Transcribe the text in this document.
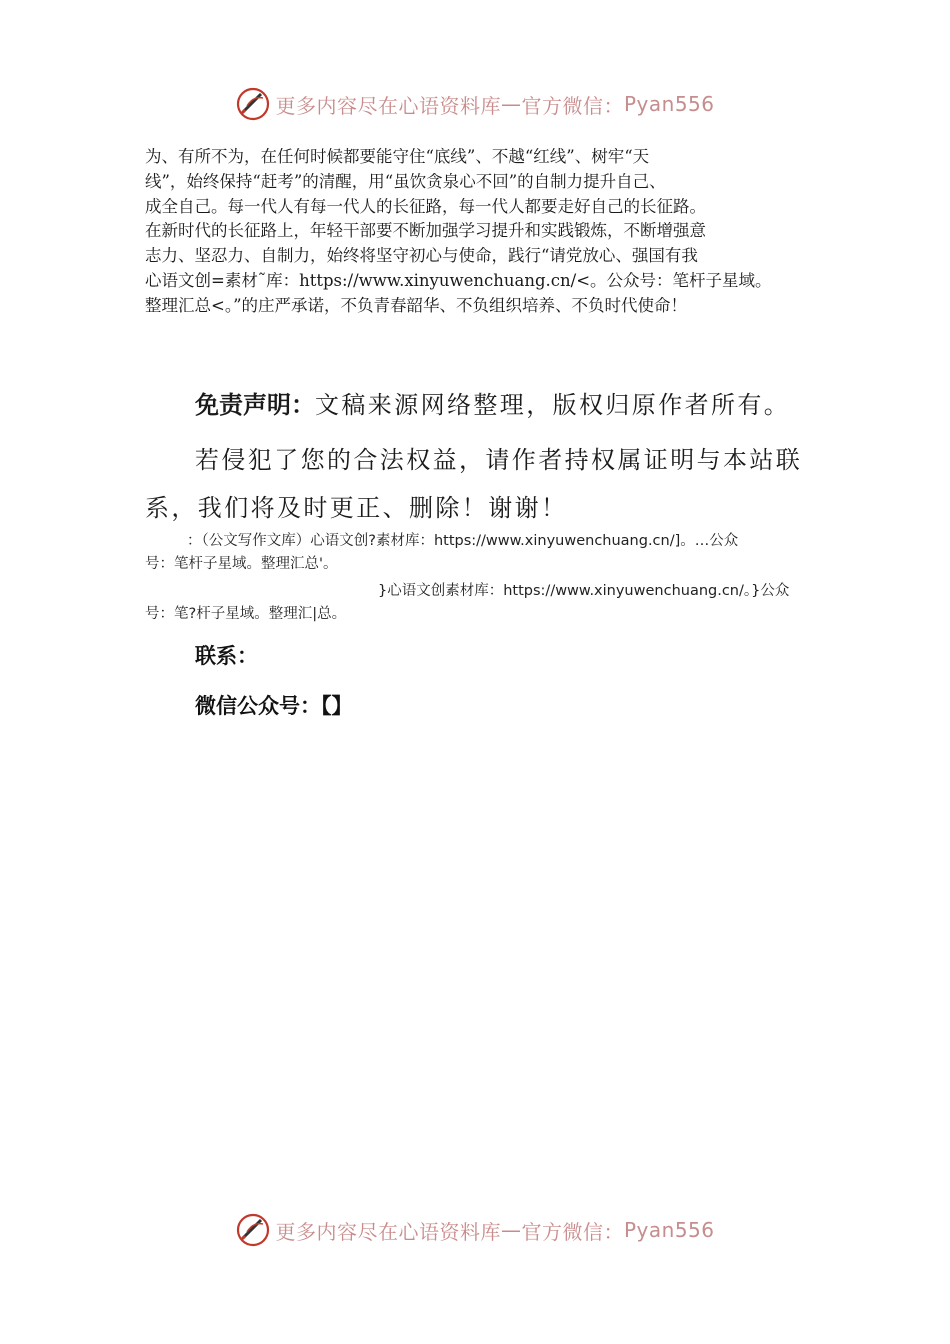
更多内容尽在心语资料库 — 官方微信： Pyan556
为、有所不为，在任何时候都要能守住“底线”、不越“红线”、树牢“天
线”，始终保持“赶考”的清醒，用“虽饮贪泉心不回”的自制力提升自己、
成全自己。每一代人有每一代人的长征路，每一代人都要走好自己的长征路。
在新时代的长征路上，年轻干部要不断加强学习提升和实践锻炼，不断增强意
志力、坚忍力、自制力，始终将坚守初心与使命，践行“请党放心、强国有我
心语文创=素材˜库：https://www.xinyuwenchuang.cn/<。公众号：笔杆子星域。
整理汇总<。”的庄严承诺，不负青春韶华、不负组织培养、不负时代使命！
免责声明：文稿来源网络整理，版权归原作者所有。
若侵犯了您的合法权益，请作者持权属证明与本站联
系，我们将及时更正、删除！谢谢！
：（公文写作文库）心语文创?素材库：https://www.xinyuwenchuang.cn/]。…公众
号：笔杆子星域。整理汇总'。
}心语文创素材库：https://www.xinyuwenchuang.cn/。}公众
号：笔?杆子星域。整理汇|总。
联系：
微信公众号：【】
更多内容尽在心语资料库 — 官方微信： Pyan556
